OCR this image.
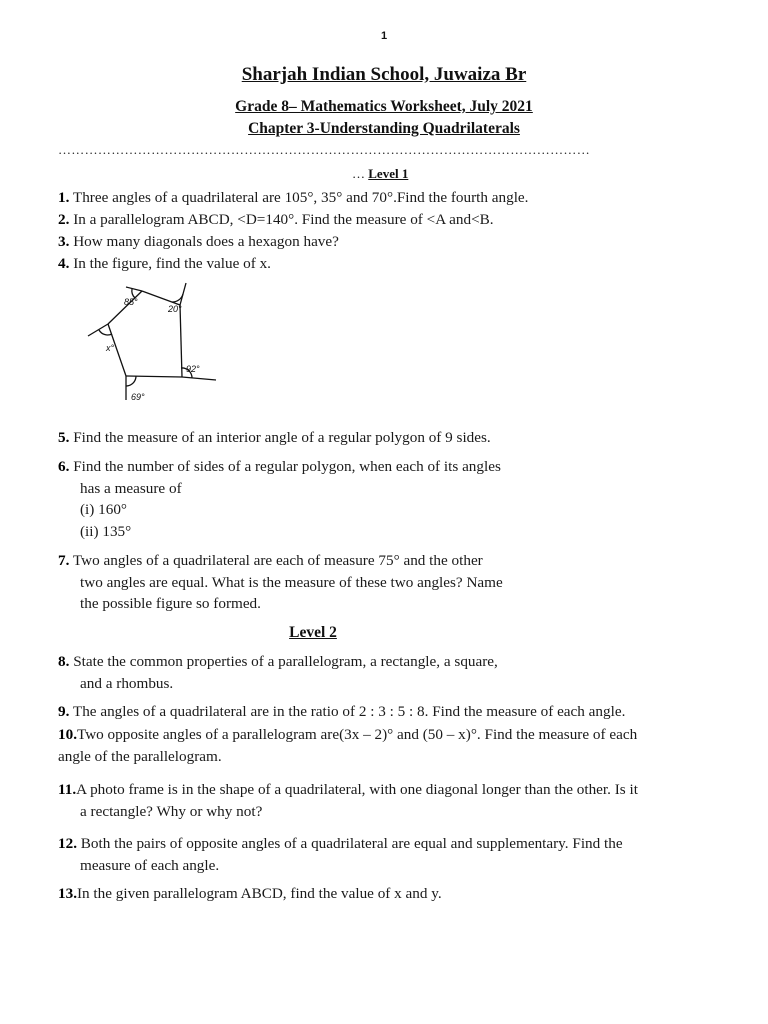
1
Sharjah Indian School, Juwaiza Br
Grade 8– Mathematics Worksheet, July 2021
Chapter 3-Understanding Quadrilaterals
…………………………………………………………………………………………………………
… Level 1
1. Three angles of a quadrilateral are 105°, 35° and 70°.Find the fourth angle.
2. In a parallelogram ABCD, <D=140°. Find the measure of <A and<B.
3. How many diagonals does a hexagon have?
4. In the figure, find the value of x.
85°
20°
x°
92°
69°
5. Find the measure of an interior angle of a regular polygon of 9 sides.
6. Find the number of sides of a regular polygon, when each of its angles
has a measure of
(i) 160°
(ii) 135°
7. Two angles of a quadrilateral are each of measure 75° and the other
two angles are equal. What is the measure of these two angles? Name
the possible figure so formed.
Level 2
8. State the common properties of a parallelogram, a rectangle, a square,
and a rhombus.
9. The angles of a quadrilateral are in the ratio of 2 : 3 : 5 : 8. Find the measure of each angle.
10.Two opposite angles of a parallelogram are(3x – 2)° and (50 – x)°. Find the measure of each
angle of the parallelogram.
11.A photo frame is in the shape of a quadrilateral, with one diagonal longer than the other. Is it
a rectangle? Why or why not?
12. Both the pairs of opposite angles of a quadrilateral are equal and supplementary. Find the
measure of each angle.
13.In the given parallelogram ABCD, find the value of x and y.
